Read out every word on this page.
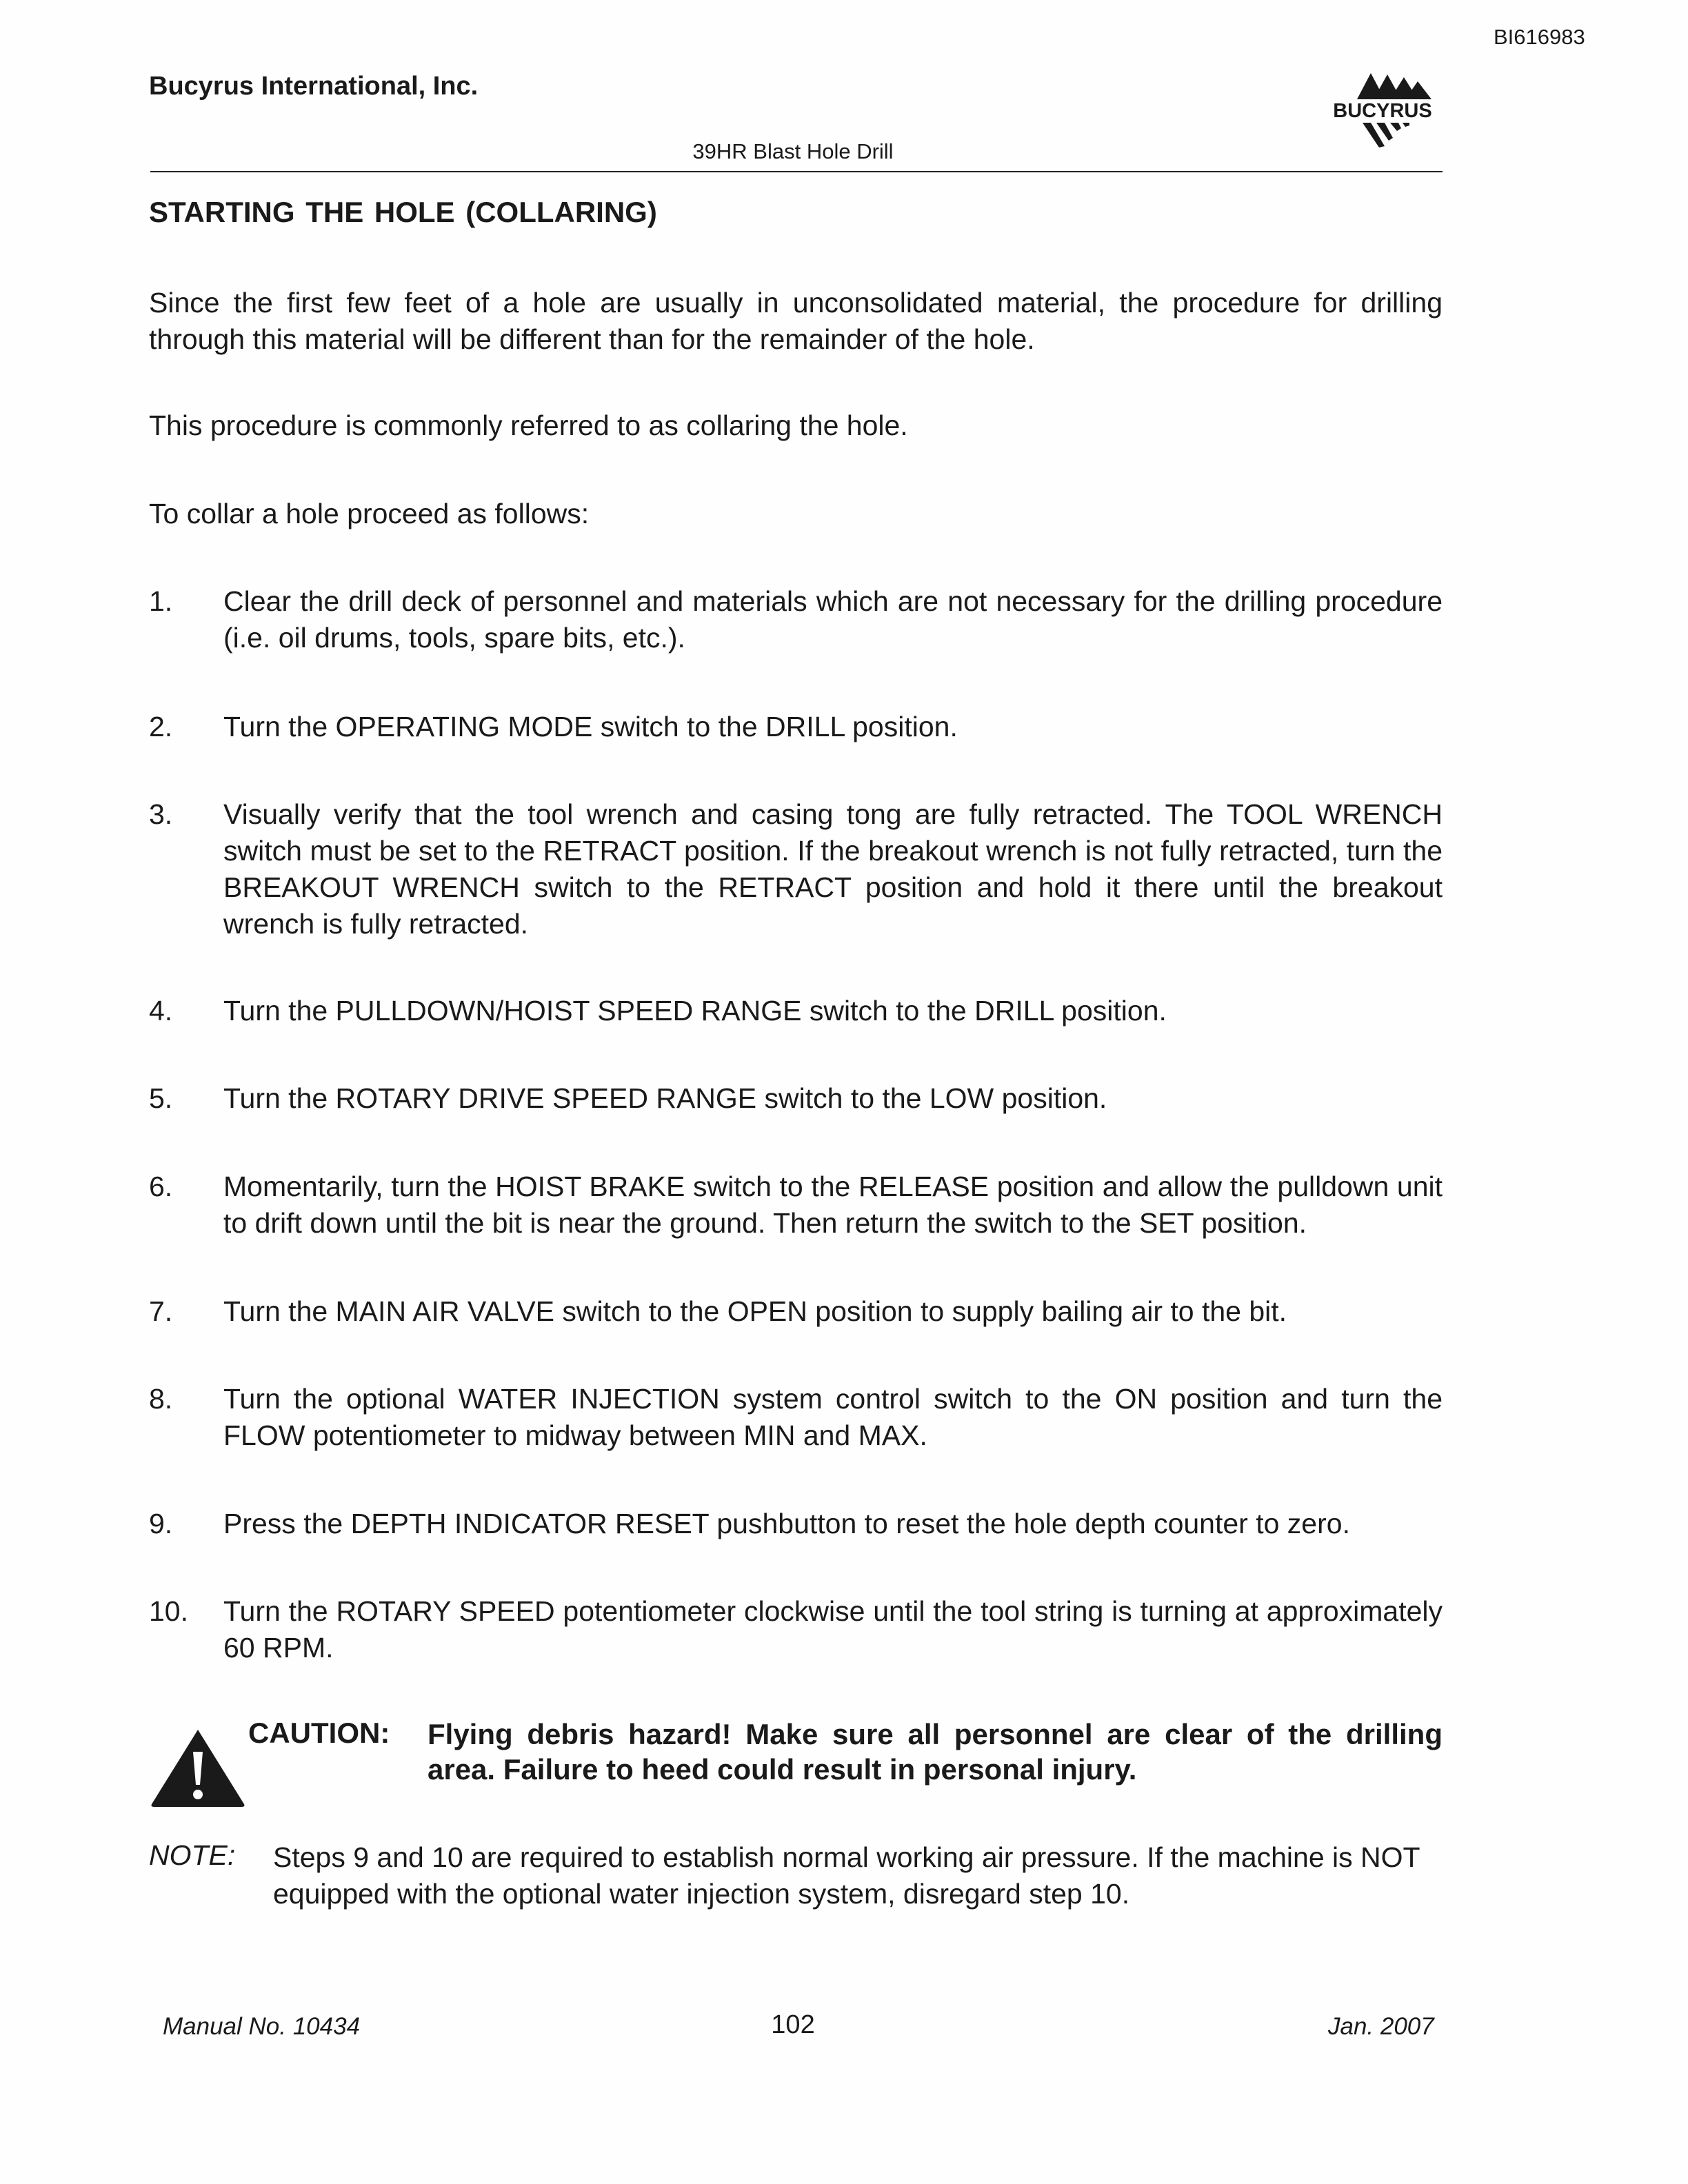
BI616983
Bucyrus International, Inc.
BUCYRUS
39HR Blast Hole Drill
STARTING THE HOLE (COLLARING)
Since the first few feet of a hole are usually in unconsolidated material, the procedure for drilling through this material will be different than for the remainder of the hole.
This procedure is commonly referred to as collaring the hole.
To collar a hole proceed as follows:
1. Clear the drill deck of personnel and materials which are not necessary for the drilling procedure (i.e. oil drums, tools, spare bits, etc.).
2. Turn the OPERATING MODE switch to the DRILL position.
3. Visually verify that the tool wrench and casing tong are fully retracted. The TOOL WRENCH switch must be set to the RETRACT position. If the breakout wrench is not fully retracted, turn the BREAKOUT WRENCH switch to the RETRACT position and hold it there until the breakout wrench is fully retracted.
4. Turn the PULLDOWN/HOIST SPEED RANGE switch to the DRILL position.
5. Turn the ROTARY DRIVE SPEED RANGE switch to the LOW position.
6. Momentarily, turn the HOIST BRAKE switch to the RELEASE position and allow the pulldown unit to drift down until the bit is near the ground. Then return the switch to the SET position.
7. Turn the MAIN AIR VALVE switch to the OPEN position to supply bailing air to the bit.
8. Turn the optional WATER INJECTION system control switch to the ON position and turn the FLOW potentiometer to midway between MIN and MAX.
9. Press the DEPTH INDICATOR RESET pushbutton to reset the hole depth counter to zero.
10. Turn the ROTARY SPEED potentiometer clockwise until the tool string is turning at approximately 60 RPM.
CAUTION: Flying debris hazard! Make sure all personnel are clear of the drilling area. Failure to heed could result in personal injury.
NOTE: Steps 9 and 10 are required to establish normal working air pressure. If the machine is NOT equipped with the optional water injection system, disregard step 10.
Manual No. 10434	102	Jan. 2007
